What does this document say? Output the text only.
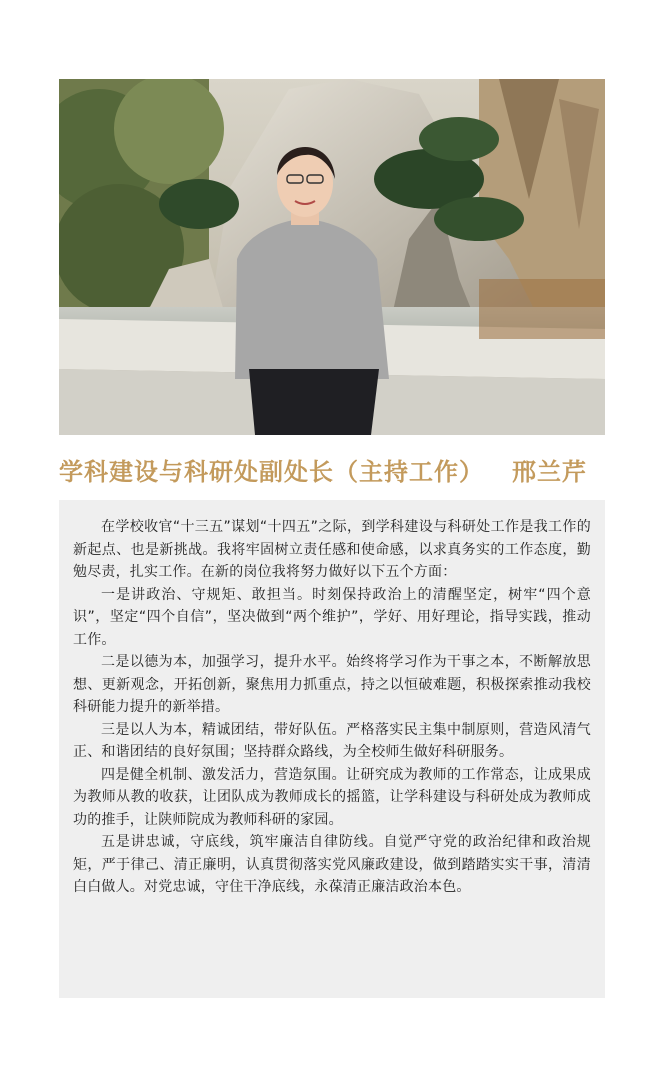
学科建设与科研处副处长（主持工作） 邢兰芹

在学校收官“十三五”谋划“十四五”之际，到学科建设与科研处工作是我工作的新起点、也是新挑战。我将牢固树立责任感和使命感，以求真务实的工作态度，勤勉尽责，扎实工作。在新的岗位我将努力做好以下五个方面：

一是讲政治、守规矩、敢担当。时刻保持政治上的清醒坚定，树牢“四个意识”，坚定“四个自信”，坚决做到“两个维护”，学好、用好理论，指导实践，推动工作。

二是以德为本，加强学习，提升水平。始终将学习作为干事之本，不断解放思想、更新观念，开拓创新，聚焦用力抓重点，持之以恒破难题，积极探索推动我校科研能力提升的新举措。

三是以人为本，精诚团结，带好队伍。严格落实民主集中制原则，营造风清气正、和谐团结的良好氛围；坚持群众路线，为全校师生做好科研服务。

四是健全机制、激发活力，营造氛围。让研究成为教师的工作常态，让成果成为教师从教的收获，让团队成为教师成长的摇篮，让学科建设与科研处成为教师成功的推手，让陕师院成为教师科研的家园。

五是讲忠诚，守底线，筑牢廉洁自律防线。自觉严守党的政治纪律和政治规矩，严于律己、清正廉明，认真贯彻落实党风廉政建设，做到踏踏实实干事，清清白白做人。对党忠诚，守住干净底线，永葆清正廉洁政治本色。
